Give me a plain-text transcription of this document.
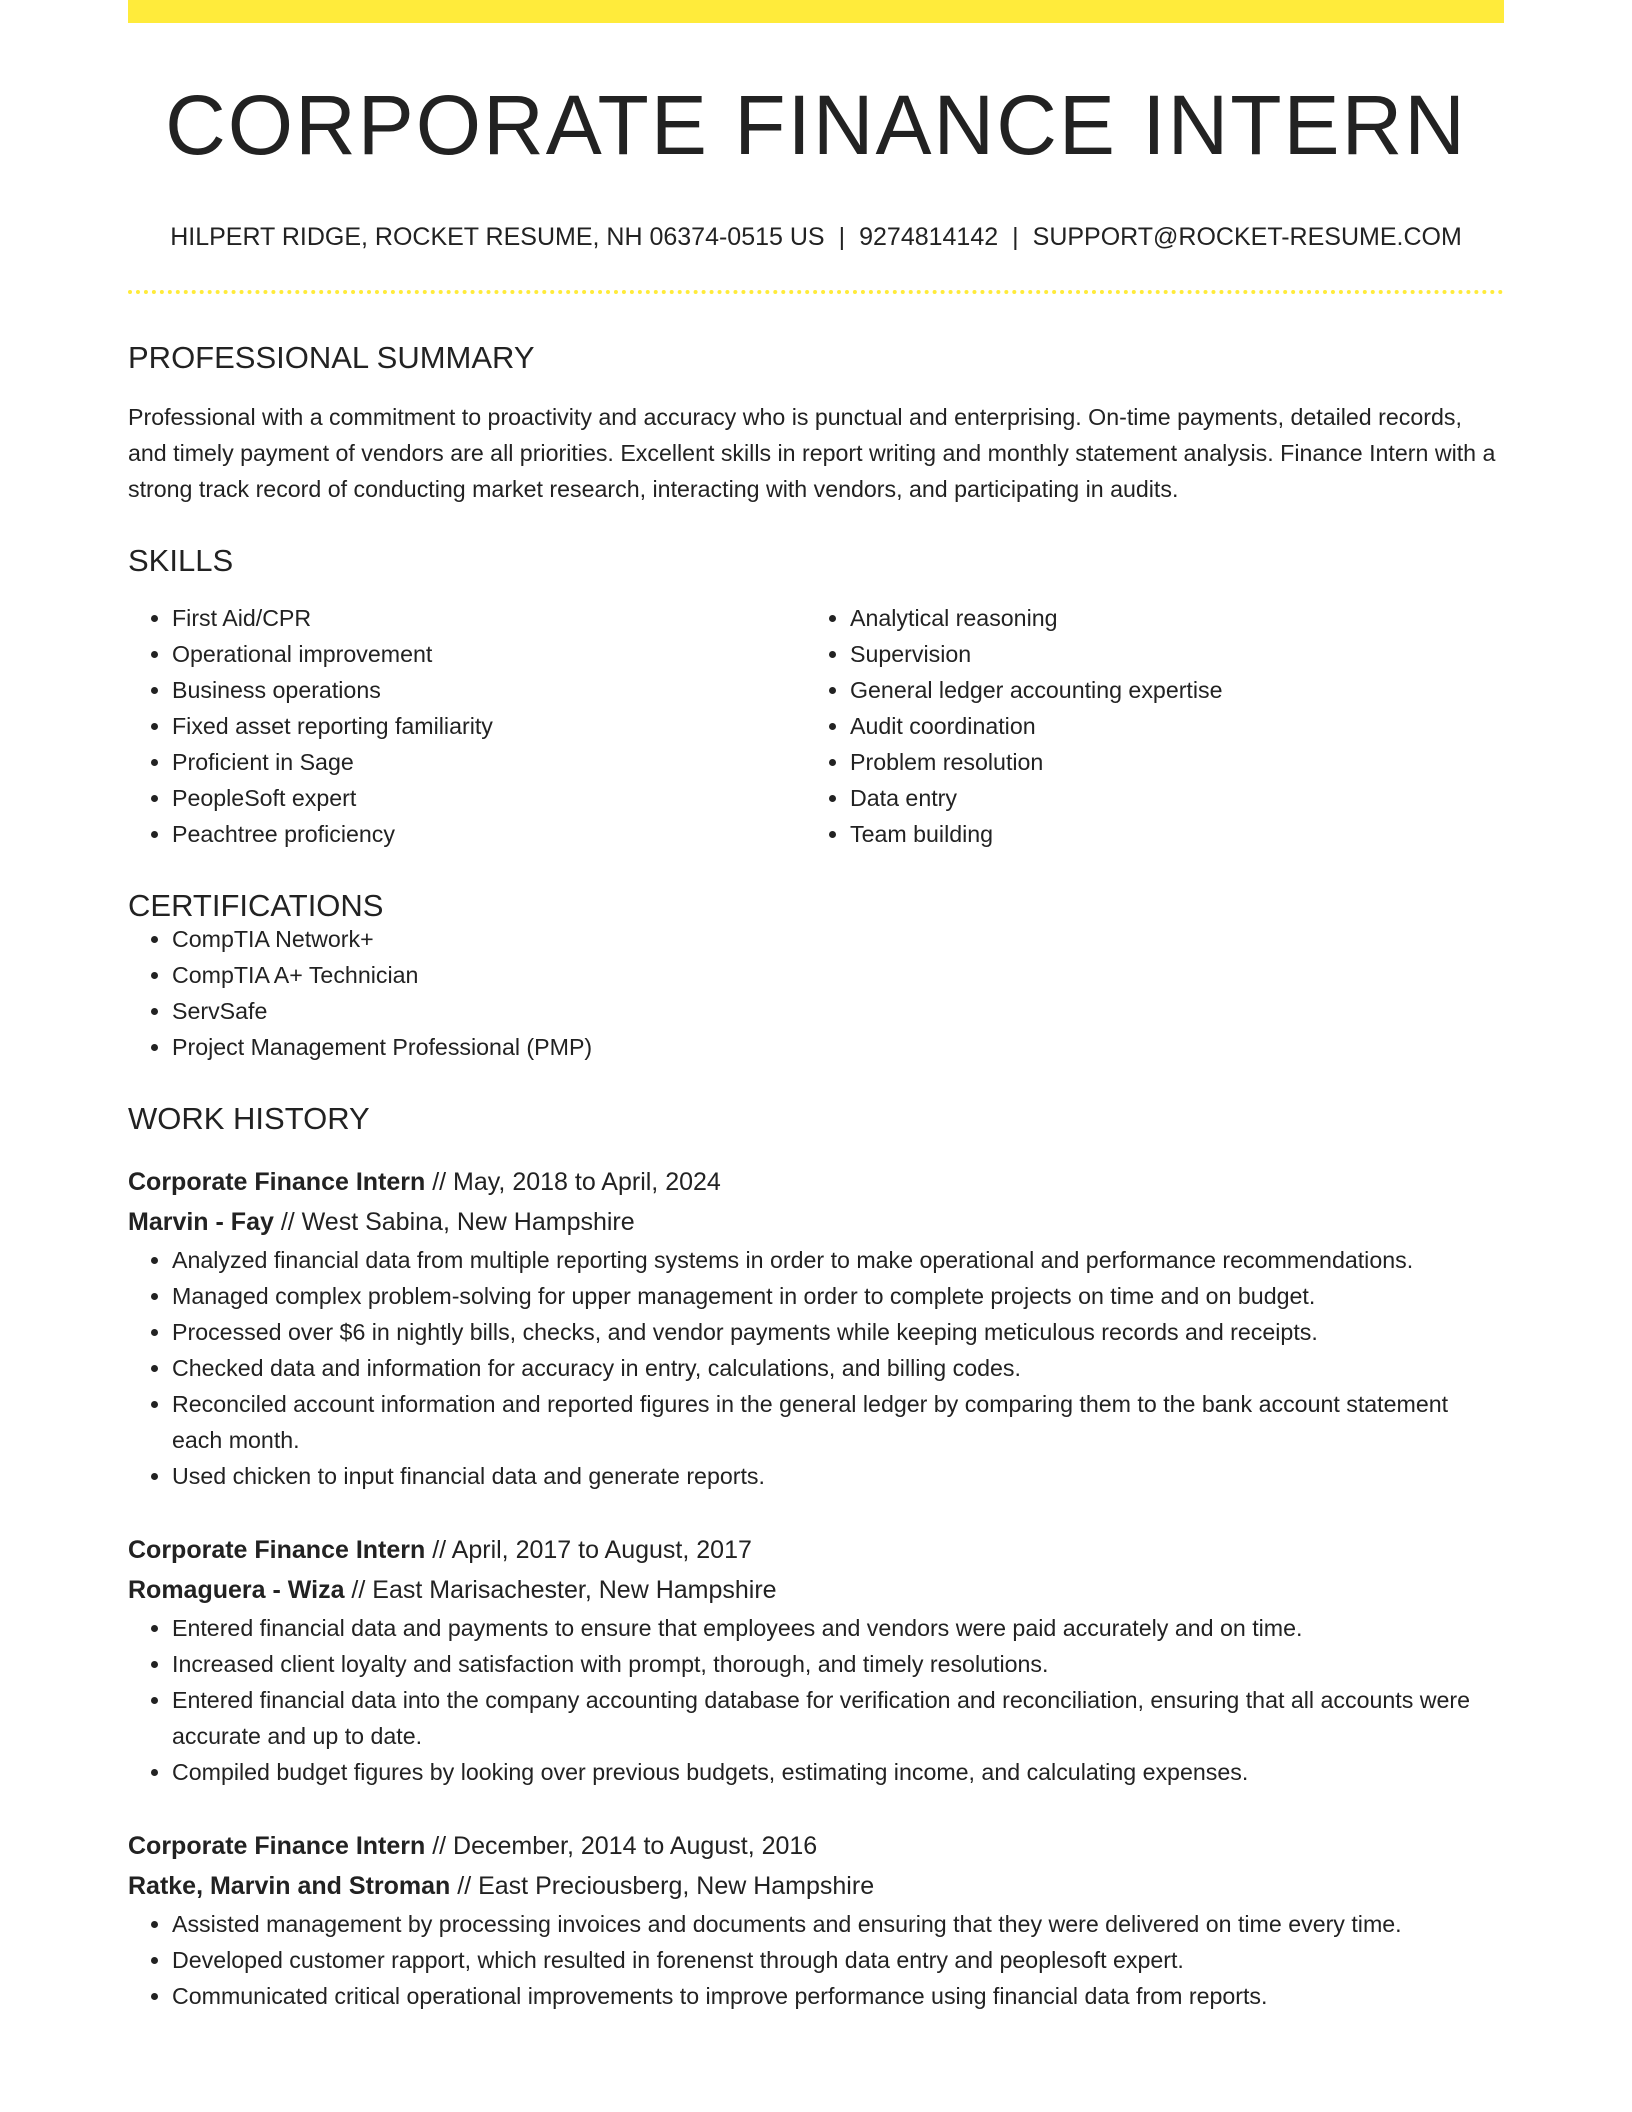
CORPORATE FINANCE INTERN
HILPERT RIDGE, ROCKET RESUME, NH 06374-0515 US | 9274814142 | SUPPORT@ROCKET-RESUME.COM
PROFESSIONAL SUMMARY
Professional with a commitment to proactivity and accuracy who is punctual and enterprising. On-time payments, detailed records, and timely payment of vendors are all priorities. Excellent skills in report writing and monthly statement analysis. Finance Intern with a strong track record of conducting market research, interacting with vendors, and participating in audits.
SKILLS
• First Aid/CPR
• Operational improvement
• Business operations
• Fixed asset reporting familiarity
• Proficient in Sage
• PeopleSoft expert
• Peachtree proficiency
• Analytical reasoning
• Supervision
• General ledger accounting expertise
• Audit coordination
• Problem resolution
• Data entry
• Team building
CERTIFICATIONS
• CompTIA Network+
• CompTIA A+ Technician
• ServSafe
• Project Management Professional (PMP)
WORK HISTORY
Corporate Finance Intern // May, 2018 to April, 2024
Marvin - Fay // West Sabina, New Hampshire
• Analyzed financial data from multiple reporting systems in order to make operational and performance recommendations.
• Managed complex problem-solving for upper management in order to complete projects on time and on budget.
• Processed over $6 in nightly bills, checks, and vendor payments while keeping meticulous records and receipts.
• Checked data and information for accuracy in entry, calculations, and billing codes.
• Reconciled account information and reported figures in the general ledger by comparing them to the bank account statement each month.
• Used chicken to input financial data and generate reports.
Corporate Finance Intern // April, 2017 to August, 2017
Romaguera - Wiza // East Marisachester, New Hampshire
• Entered financial data and payments to ensure that employees and vendors were paid accurately and on time.
• Increased client loyalty and satisfaction with prompt, thorough, and timely resolutions.
• Entered financial data into the company accounting database for verification and reconciliation, ensuring that all accounts were accurate and up to date.
• Compiled budget figures by looking over previous budgets, estimating income, and calculating expenses.
Corporate Finance Intern // December, 2014 to August, 2016
Ratke, Marvin and Stroman // East Preciousberg, New Hampshire
• Assisted management by processing invoices and documents and ensuring that they were delivered on time every time.
• Developed customer rapport, which resulted in forenenst through data entry and peoplesoft expert.
• Communicated critical operational improvements to improve performance using financial data from reports.
